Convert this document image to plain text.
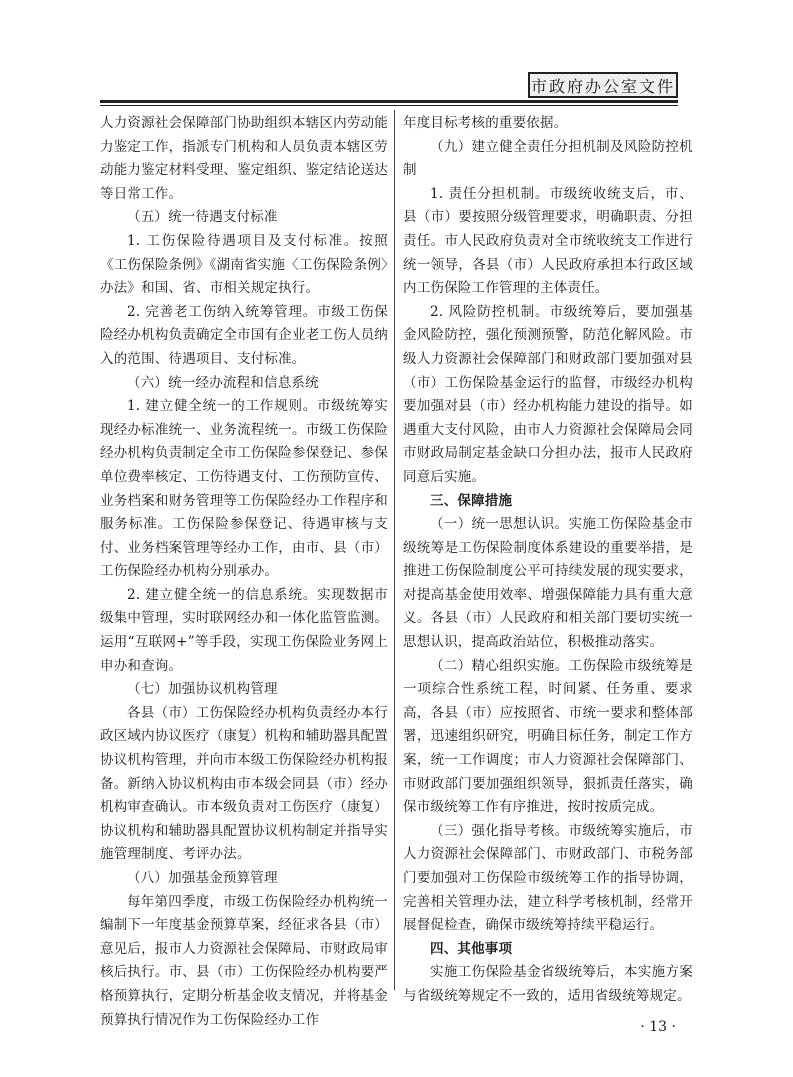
市政府办公室文件

人力资源社会保障部门协助组织本辖区内劳动能力鉴定工作，指派专门机构和人员负责本辖区劳动能力鉴定材料受理、鉴定组织、鉴定结论送达等日常工作。

（五）统一待遇支付标准

1. 工伤保险待遇项目及支付标准。按照《工伤保险条例》《湖南省实施〈工伤保险条例〉办法》和国、省、市相关规定执行。

2. 完善老工伤纳入统筹管理。市级工伤保险经办机构负责确定全市国有企业老工伤人员纳入的范围、待遇项目、支付标准。

（六）统一经办流程和信息系统

1. 建立健全统一的工作规则。市级统筹实现经办标准统一、业务流程统一。市级工伤保险经办机构负责制定全市工伤保险参保登记、参保单位费率核定、工伤待遇支付、工伤预防宣传、业务档案和财务管理等工伤保险经办工作程序和服务标准。工伤保险参保登记、待遇审核与支付、业务档案管理等经办工作，由市、县（市）工伤保险经办机构分别承办。

2. 建立健全统一的信息系统。实现数据市级集中管理，实时联网经办和一体化监管监测。运用“互联网+”等手段，实现工伤保险业务网上申办和查询。

（七）加强协议机构管理

各县（市）工伤保险经办机构负责经办本行政区域内协议医疗（康复）机构和辅助器具配置协议机构管理，并向市本级工伤保险经办机构报备。新纳入协议机构由市本级会同县（市）经办机构审查确认。市本级负责对工伤医疗（康复）协议机构和辅助器具配置协议机构制定并指导实施管理制度、考评办法。

（八）加强基金预算管理

每年第四季度，市级工伤保险经办机构统一编制下一年度基金预算草案，经征求各县（市）意见后，报市人力资源社会保障局、市财政局审核后执行。市、县（市）工伤保险经办机构要严格预算执行，定期分析基金收支情况，并将基金预算执行情况作为工伤保险经办工作

年度目标考核的重要依据。

（九）建立健全责任分担机制及风险防控机制

1. 责任分担机制。市级统收统支后，市、县（市）要按照分级管理要求，明确职责、分担责任。市人民政府负责对全市统收统支工作进行统一领导，各县（市）人民政府承担本行政区域内工伤保险工作管理的主体责任。

2. 风险防控机制。市级统筹后，要加强基金风险防控，强化预测预警，防范化解风险。市级人力资源社会保障部门和财政部门要加强对县（市）工伤保险基金运行的监督，市级经办机构要加强对县（市）经办机构能力建设的指导。如遇重大支付风险，由市人力资源社会保障局会同市财政局制定基金缺口分担办法，报市人民政府同意后实施。

三、保障措施

（一）统一思想认识。实施工伤保险基金市级统筹是工伤保险制度体系建设的重要举措，是推进工伤保险制度公平可持续发展的现实要求，对提高基金使用效率、增强保障能力具有重大意义。各县（市）人民政府和相关部门要切实统一思想认识，提高政治站位，积极推动落实。

（二）精心组织实施。工伤保险市级统筹是一项综合性系统工程，时间紧、任务重、要求高，各县（市）应按照省、市统一要求和整体部署，迅速组织研究，明确目标任务，制定工作方案，统一工作调度；市人力资源社会保障部门、市财政部门要加强组织领导，狠抓责任落实，确保市级统筹工作有序推进，按时按质完成。

（三）强化指导考核。市级统筹实施后，市人力资源社会保障部门、市财政部门、市税务部门要加强对工伤保险市级统筹工作的指导协调，完善相关管理办法，建立科学考核机制，经常开展督促检查，确保市级统筹持续平稳运行。

四、其他事项

实施工伤保险基金省级统筹后，本实施方案与省级统筹规定不一致的，适用省级统筹规定。

· 13 ·
